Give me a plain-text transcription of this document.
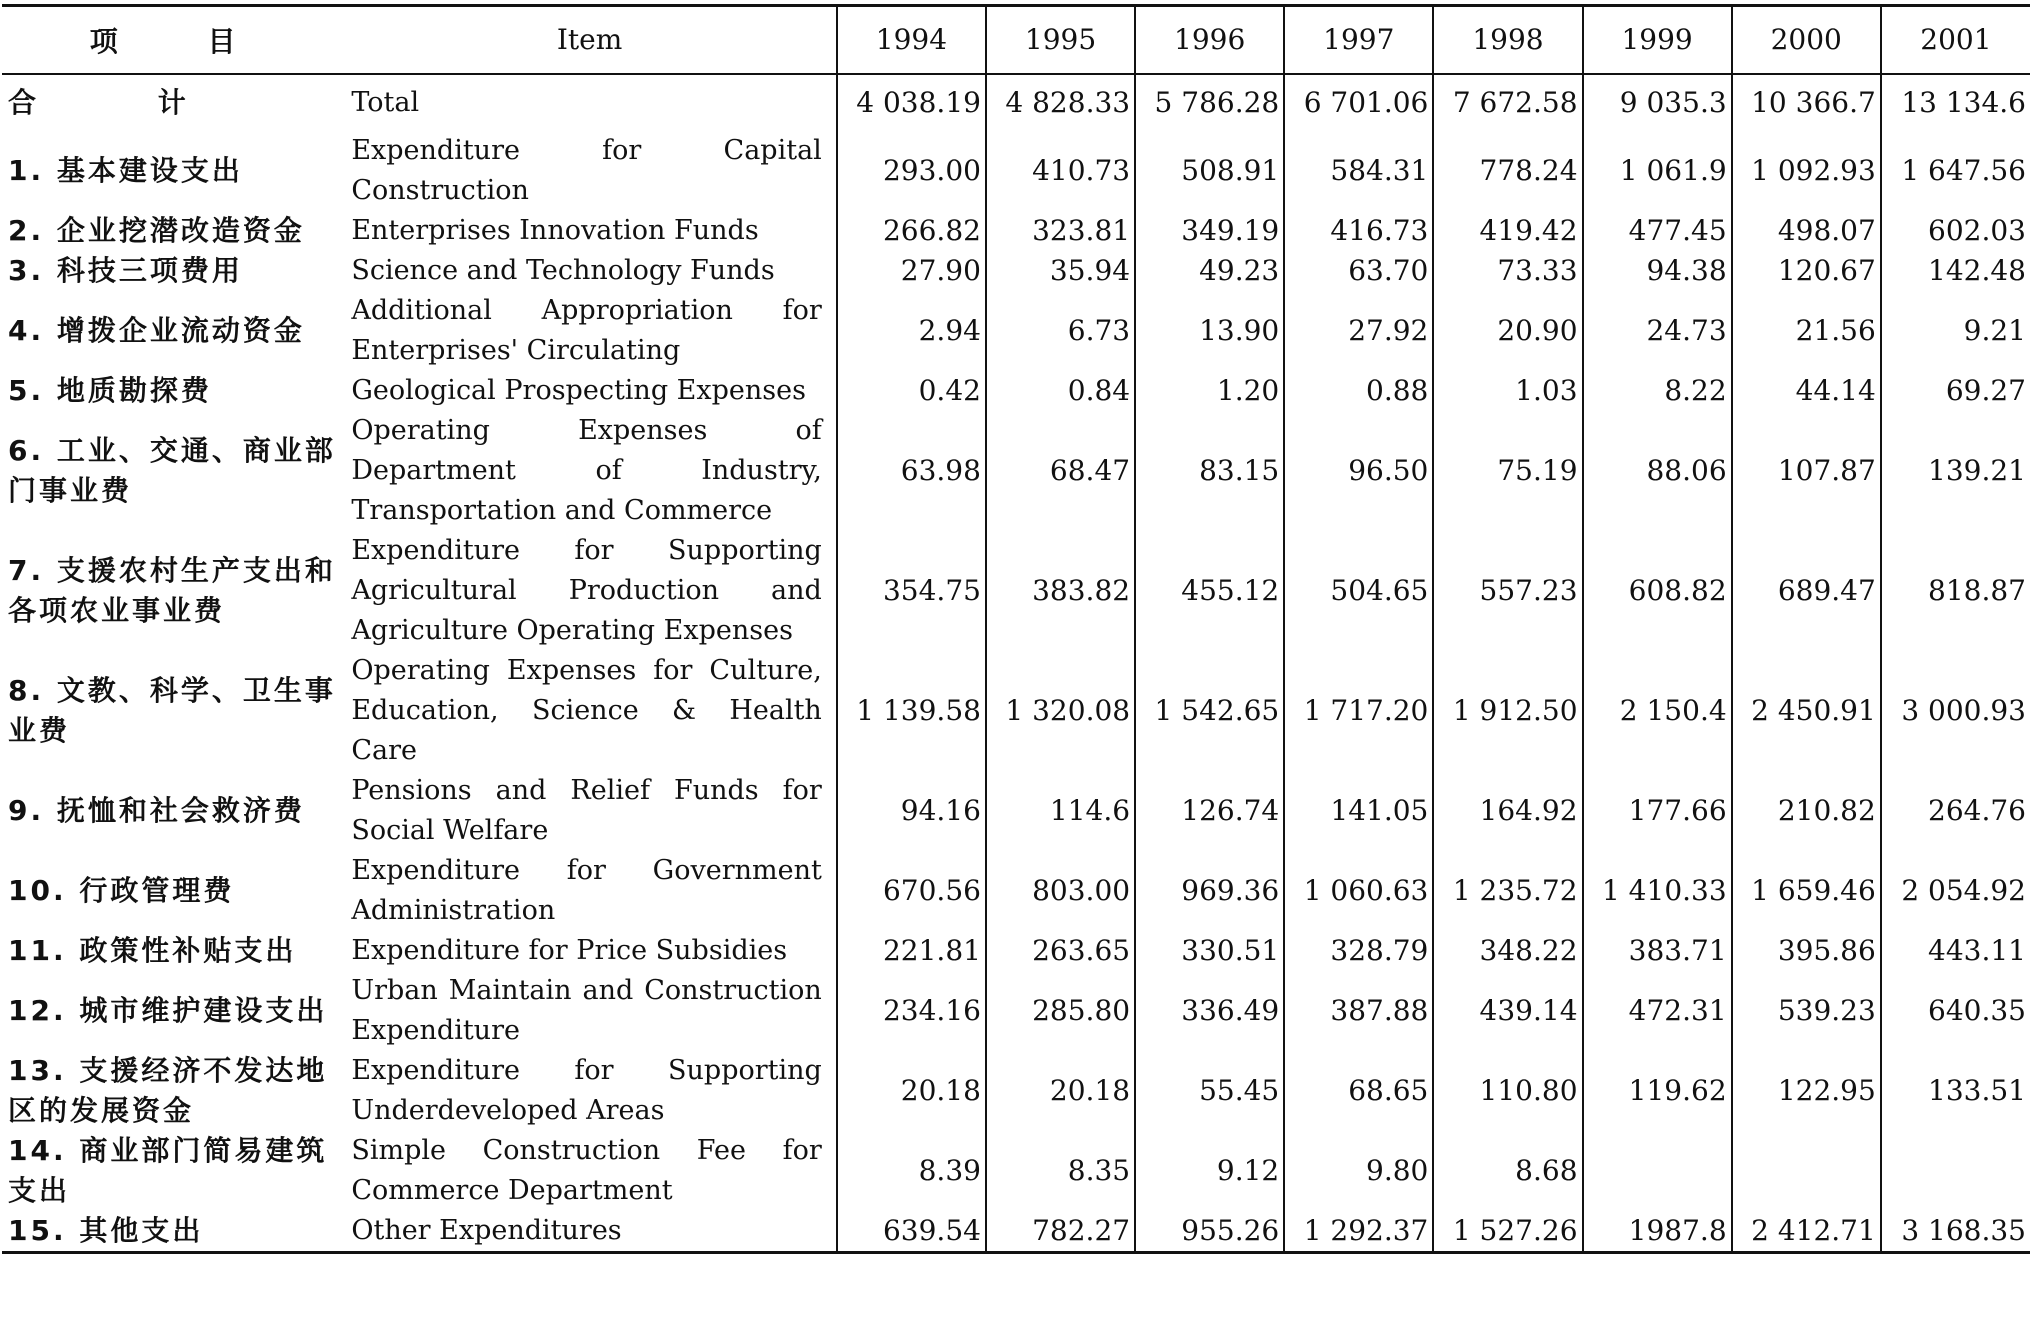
项 目	Item	1994	1995	1996	1997	1998	1999	2000	2001
合 计	Total	4 038.19	4 828.33	5 786.28	6 701.06	7 672.58	9 035.3	10 366.7	13 134.6
1. 基本建设支出	Expenditure for Capital Construction	293.00	410.73	508.91	584.31	778.24	1 061.9	1 092.93	1 647.56
2. 企业挖潜改造资金	Enterprises Innovation Funds	266.82	323.81	349.19	416.73	419.42	477.45	498.07	602.03
3. 科技三项费用	Science and Technology Funds	27.90	35.94	49.23	63.70	73.33	94.38	120.67	142.48
4. 增拨企业流动资金	Additional Appropriation for Enterprises' Circulating	2.94	6.73	13.90	27.92	20.90	24.73	21.56	9.21
5. 地质勘探费	Geological Prospecting Expenses	0.42	0.84	1.20	0.88	1.03	8.22	44.14	69.27
6. 工业、交通、商业部门事业费	Operating Expenses of Department of Industry, Transportation and Commerce	63.98	68.47	83.15	96.50	75.19	88.06	107.87	139.21
7. 支援农村生产支出和各项农业事业费	Expenditure for Supporting Agricultural Production and Agriculture Operating Expenses	354.75	383.82	455.12	504.65	557.23	608.82	689.47	818.87
8. 文教、科学、卫生事业费	Operating Expenses for Culture, Education, Science & Health Care	1 139.58	1 320.08	1 542.65	1 717.20	1 912.50	2 150.4	2 450.91	3 000.93
9. 抚恤和社会救济费	Pensions and Relief Funds for Social Welfare	94.16	114.6	126.74	141.05	164.92	177.66	210.82	264.76
10. 行政管理费	Expenditure for Government Administration	670.56	803.00	969.36	1 060.63	1 235.72	1 410.33	1 659.46	2 054.92
11. 政策性补贴支出	Expenditure for Price Subsidies	221.81	263.65	330.51	328.79	348.22	383.71	395.86	443.11
12. 城市维护建设支出	Urban Maintain and Construction Expenditure	234.16	285.80	336.49	387.88	439.14	472.31	539.23	640.35
13. 支援经济不发达地区的发展资金	Expenditure for Supporting Underdeveloped Areas	20.18	20.18	55.45	68.65	110.80	119.62	122.95	133.51
14. 商业部门简易建筑支出	Simple Construction Fee for Commerce Department	8.39	8.35	9.12	9.80	8.68			
15. 其他支出	Other Expenditures	639.54	782.27	955.26	1 292.37	1 527.26	1987.8	2 412.71	3 168.35
